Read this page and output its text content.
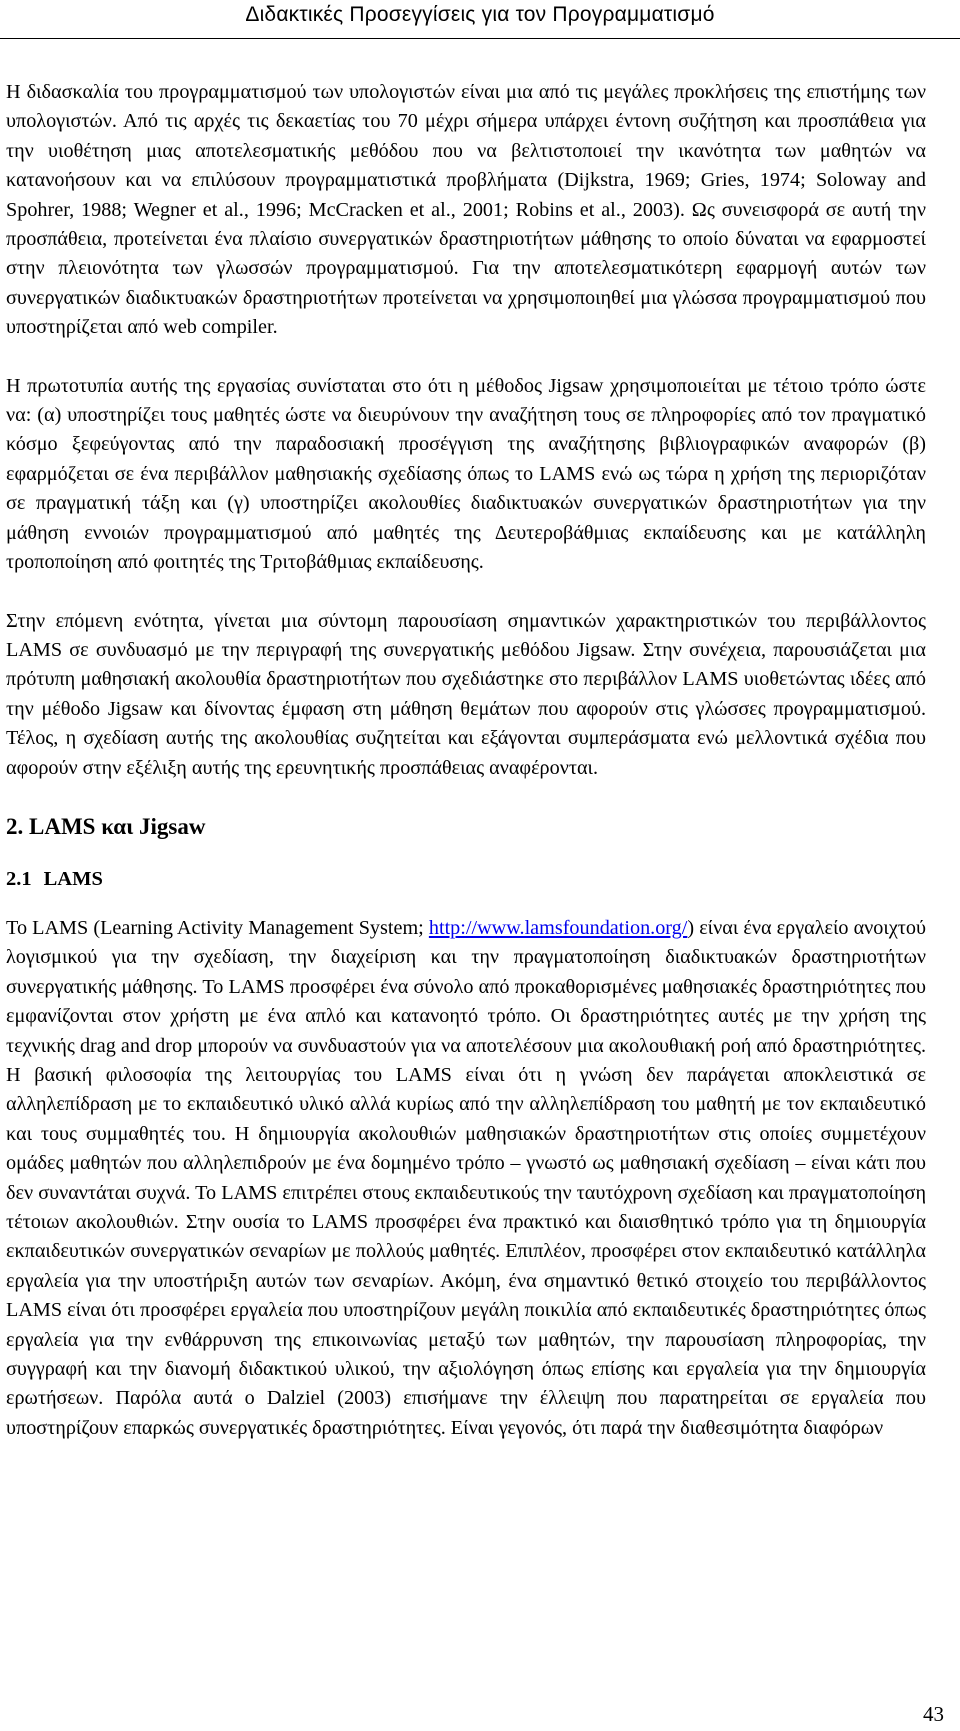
Διδακτικές Προσεγγίσεις για τον Προγραμματισμό

Η διδασκαλία του προγραμματισμού των υπολογιστών είναι μια από τις μεγάλες προκλήσεις της επιστήμης των υπολογιστών. Από τις αρχές τις δεκαετίας του 70 μέχρι σήμερα υπάρχει έντονη συζήτηση και προσπάθεια για την υιοθέτηση μιας αποτελεσματικής μεθόδου που να βελτιστοποιεί την ικανότητα των μαθητών να κατανοήσουν και να επιλύσουν προγραμματιστικά προβλήματα (Dijkstra, 1969; Gries, 1974; Soloway and Spohrer, 1988; Wegner et al., 1996; McCracken et al., 2001; Robins et al., 2003). Ως συνεισφορά σε αυτή την προσπάθεια, προτείνεται ένα πλαίσιο συνεργατικών δραστηριοτήτων μάθησης το οποίο δύναται να εφαρμοστεί στην πλειονότητα των γλωσσών προγραμματισμού. Για την αποτελεσματικότερη εφαρμογή αυτών των συνεργατικών διαδικτυακών δραστηριοτήτων προτείνεται να χρησιμοποιηθεί μια γλώσσα προγραμματισμού που υποστηρίζεται από web compiler.

Η πρωτοτυπία αυτής της εργασίας συνίσταται στο ότι η μέθοδος Jigsaw χρησιμοποιείται με τέτοιο τρόπο ώστε να: (α) υποστηρίζει τους μαθητές ώστε να διευρύνουν την αναζήτηση τους σε πληροφορίες από τον πραγματικό κόσμο ξεφεύγοντας από την παραδοσιακή προσέγγιση της αναζήτησης βιβλιογραφικών αναφορών (β) εφαρμόζεται σε ένα περιβάλλον μαθησιακής σχεδίασης όπως το LAMS ενώ ως τώρα η χρήση της περιοριζόταν σε πραγματική τάξη και (γ) υποστηρίζει ακολουθίες διαδικτυακών συνεργατικών δραστηριοτήτων για την μάθηση εννοιών προγραμματισμού από μαθητές της Δευτεροβάθμιας εκπαίδευσης και με κατάλληλη τροποποίηση από φοιτητές της Τριτοβάθμιας εκπαίδευσης.

Στην επόμενη ενότητα, γίνεται μια σύντομη παρουσίαση σημαντικών χαρακτηριστικών του περιβάλλοντος LAMS σε συνδυασμό με την περιγραφή της συνεργατικής μεθόδου Jigsaw. Στην συνέχεια, παρουσιάζεται μια πρότυπη μαθησιακή ακολουθία δραστηριοτήτων που σχεδιάστηκε στο περιβάλλον LAMS υιοθετώντας ιδέες από την μέθοδο Jigsaw και δίνοντας έμφαση στη μάθηση θεμάτων που αφορούν στις γλώσσες προγραμματισμού. Τέλος, η σχεδίαση αυτής της ακολουθίας συζητείται και εξάγονται συμπεράσματα ενώ μελλοντικά σχέδια που αφορούν στην εξέλιξη αυτής της ερευνητικής προσπάθειας αναφέρονται.

2. LAMS και Jigsaw
2.1 LAMS

Το LAMS (Learning Activity Management System; http://www.lamsfoundation.org/) είναι ένα εργαλείο ανοιχτού λογισμικού για την σχεδίαση, την διαχείριση και την πραγματοποίηση διαδικτυακών δραστηριοτήτων συνεργατικής μάθησης. Το LAMS προσφέρει ένα σύνολο από προκαθορισμένες μαθησιακές δραστηριότητες που εμφανίζονται στον χρήστη με ένα απλό και κατανοητό τρόπο. Οι δραστηριότητες αυτές με την χρήση της τεχνικής drag and drop μπορούν να συνδυαστούν για να αποτελέσουν μια ακολουθιακή ροή από δραστηριότητες. Η βασική φιλοσοφία της λειτουργίας του LAMS είναι ότι η γνώση δεν παράγεται αποκλειστικά σε αλληλεπίδραση με το εκπαιδευτικό υλικό αλλά κυρίως από την αλληλεπίδραση του μαθητή με τον εκπαιδευτικό και τους συμμαθητές του. Η δημιουργία ακολουθιών μαθησιακών δραστηριοτήτων στις οποίες συμμετέχουν ομάδες μαθητών που αλληλεπιδρούν με ένα δομημένο τρόπο – γνωστό ως μαθησιακή σχεδίαση – είναι κάτι που δεν συναντάται συχνά. Το LAMS επιτρέπει στους εκπαιδευτικούς την ταυτόχρονη σχεδίαση και πραγματοποίηση τέτοιων ακολουθιών. Στην ουσία το LAMS προσφέρει ένα πρακτικό και διαισθητικό τρόπο για τη δημιουργία εκπαιδευτικών συνεργατικών σεναρίων με πολλούς μαθητές. Επιπλέον, προσφέρει στον εκπαιδευτικό κατάλληλα εργαλεία για την υποστήριξη αυτών των σεναρίων. Ακόμη, ένα σημαντικό θετικό στοιχείο του περιβάλλοντος LAMS είναι ότι προσφέρει εργαλεία που υποστηρίζουν μεγάλη ποικιλία από εκπαιδευτικές δραστηριότητες όπως εργαλεία για την ενθάρρυνση της επικοινωνίας μεταξύ των μαθητών, την παρουσίαση πληροφορίας, την συγγραφή και την διανομή διδακτικού υλικού, την αξιολόγηση όπως επίσης και εργαλεία για την δημιουργία ερωτήσεων. Παρόλα αυτά ο Dalziel (2003) επισήμανε την έλλειψη που παρατηρείται σε εργαλεία που υποστηρίζουν επαρκώς συνεργατικές δραστηριότητες. Είναι γεγονός, ότι παρά την διαθεσιμότητα διαφόρων

43
